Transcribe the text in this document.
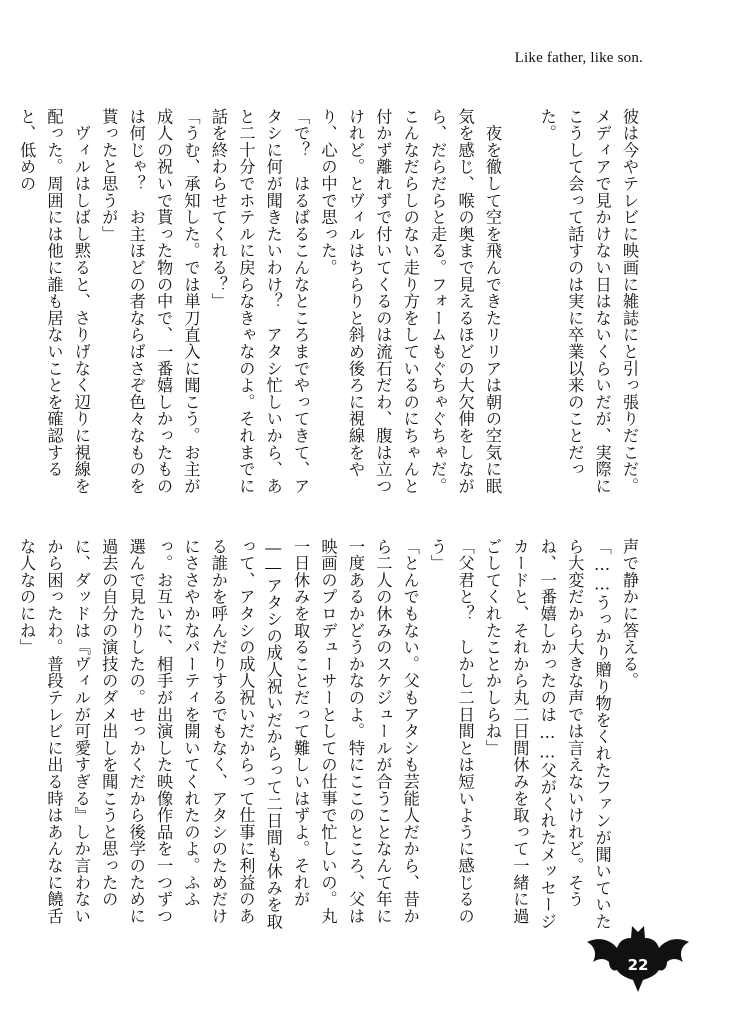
Like father, like son.

彼は今やテレビに映画に雑誌にと引っ張りだこだ。メディアで見かけない日はないくらいだが、実際にこうして会って話すのは実に卒業以来のことだった。

　夜を徹して空を飛んできたリリアは朝の空気に眠気を感じ、喉の奥まで見えるほどの大欠伸をしながら、だらだらと走る。フォームもぐちゃぐちゃだ。こんなだらしのない走り方をしているのにちゃんと付かず離れずで付いてくるのは流石だわ、腹は立つけれど。とヴィルはちらりと斜め後ろに視線をやり、心の中で思った。

「で？　はるばるこんなところまでやってきて、アタシに何が聞きたいわけ？　アタシ忙しいから、あと二十分でホテルに戻らなきゃなのよ。それまでに話を終わらせてくれる？」

「うむ、承知した。では単刀直入に聞こう。お主が成人の祝いで貰った物の中で、一番嬉しかったものは何じゃ？　お主ほどの者ならばさぞ色々なものを貰ったと思うが」

　ヴィルはしばし黙ると、さりげなく辺りに視線を配った。周囲には他に誰も居ないことを確認すると、低めの

声で静かに答える。

「……うっかり贈り物をくれたファンが聞いていたら大変だから大きな声では言えないけれど。そうね、一番嬉しかったのは……父がくれたメッセージカードと、それから丸二日間休みを取って一緒に過ごしてくれたことかしらね」

「父君と？　しかし二日間とは短いように感じるのう」

「とんでもない。父もアタシも芸能人だから、昔から二人の休みのスケジュールが合うことなんて年に一度あるかどうかなのよ。特にここのところ、父は映画のプロデューサーとしての仕事で忙しいの。丸一日休みを取ることだって難しいはずよ。それが――アタシの成人祝いだからって二日間も休みを取って、アタシの成人祝いだからって仕事に利益のある誰かを呼んだりするでもなく、アタシのためだけにささやかなパーティを開いてくれたのよ。ふふっ。お互いに、相手が出演した映像作品を一つずつ選んで見たりしたの。せっかくだから後学のために過去の自分の演技のダメ出しを聞こうと思ったのに、ダッドは『ヴィルが可愛すぎる』しか言わないから困ったわ。普段テレビに出る時はあんなに饒舌な人なのにね」

22
